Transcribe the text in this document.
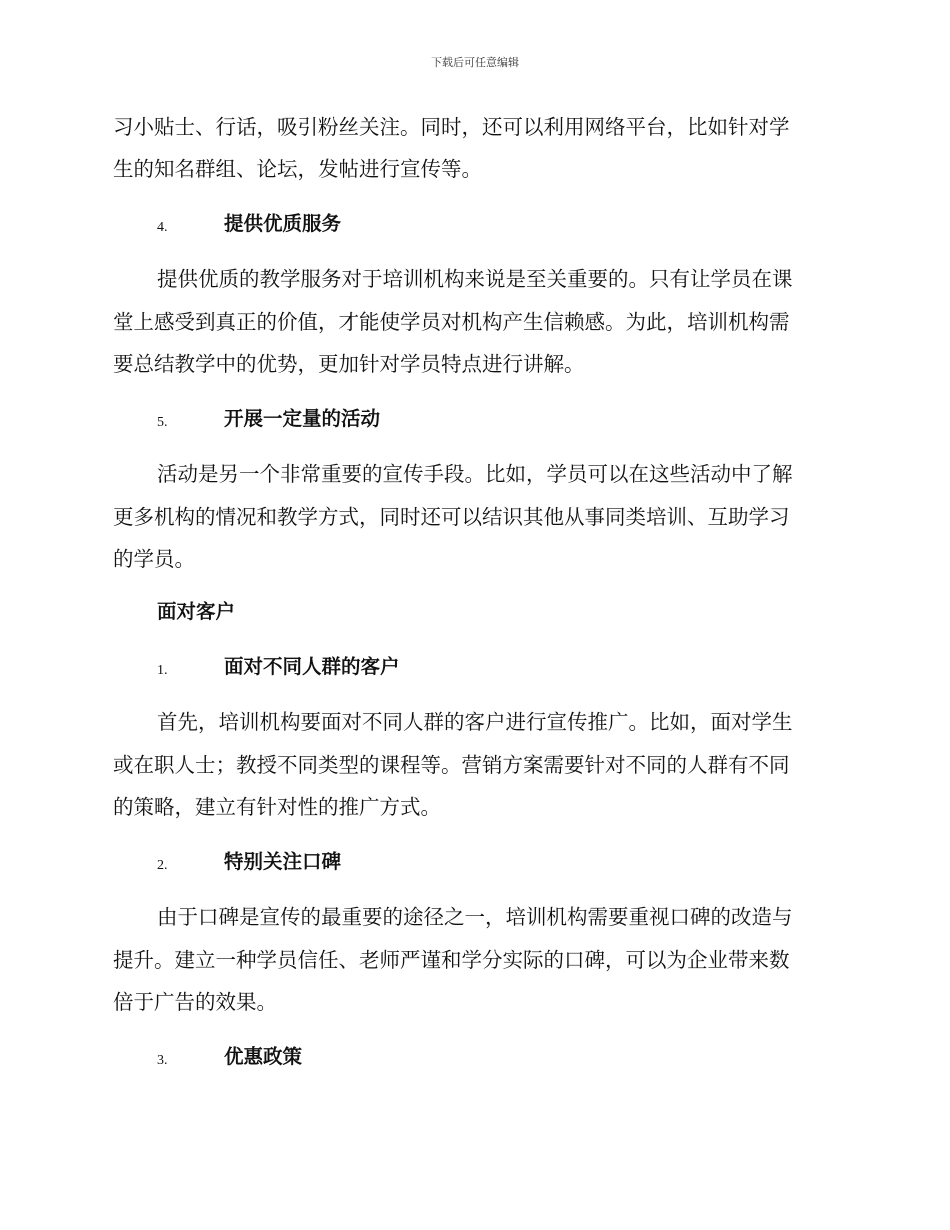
下载后可任意编辑
习小贴士、行话，吸引粉丝关注。同时，还可以利用网络平台，比如针对学
生的知名群组、论坛，发帖进行宣传等。
4.	提供优质服务
提供优质的教学服务对于培训机构来说是至关重要的。只有让学员在课
堂上感受到真正的价值，才能使学员对机构产生信赖感。为此，培训机构需
要总结教学中的优势，更加针对学员特点进行讲解。
5.	开展一定量的活动
活动是另一个非常重要的宣传手段。比如，学员可以在这些活动中了解
更多机构的情况和教学方式，同时还可以结识其他从事同类培训、互助学习
的学员。
面对客户
1.	面对不同人群的客户
首先，培训机构要面对不同人群的客户进行宣传推广。比如，面对学生
或在职人士；教授不同类型的课程等。营销方案需要针对不同的人群有不同
的策略，建立有针对性的推广方式。
2.	特别关注口碑
由于口碑是宣传的最重要的途径之一，培训机构需要重视口碑的改造与
提升。建立一种学员信任、老师严谨和学分实际的口碑，可以为企业带来数
倍于广告的效果。
3.	优惠政策
